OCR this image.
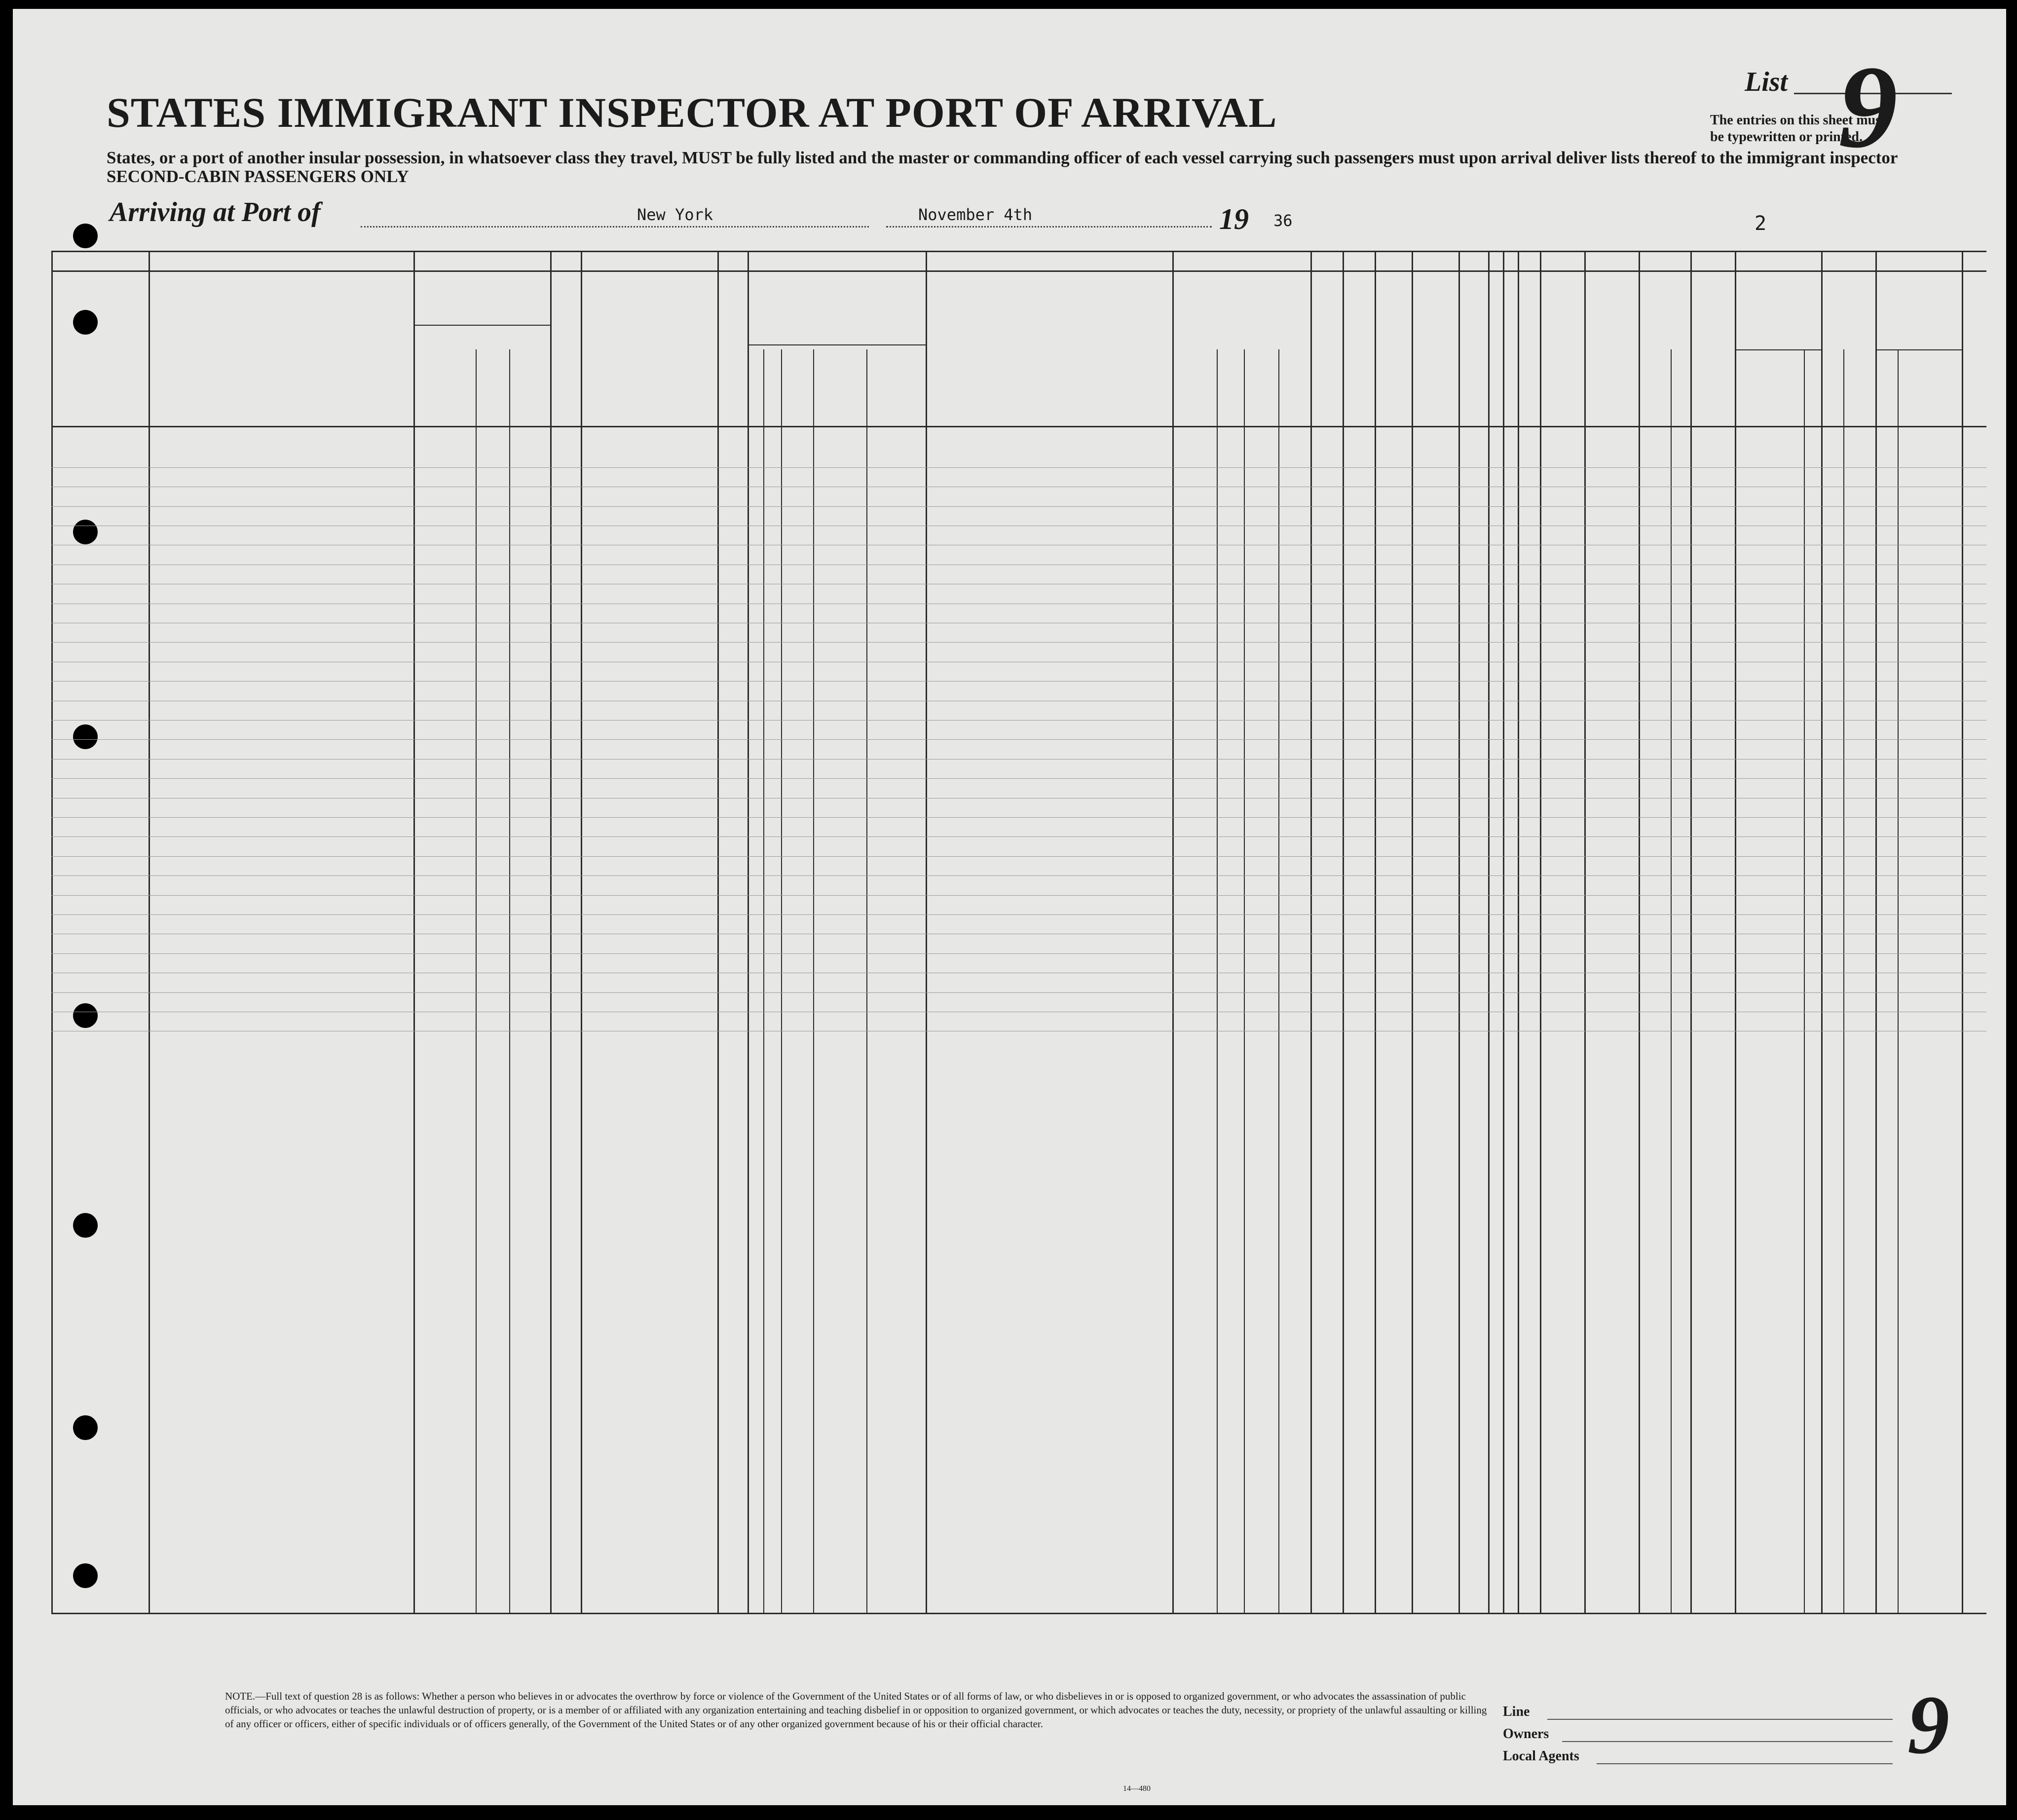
STATES IMMIGRANT INSPECTOR AT PORT OF ARRIVAL
States, or a port of another insular possession, in whatsoever class they travel, MUST be fully listed and the master or commanding officer of each vessel carrying such passengers must upon arrival deliver lists thereof to the immigrant inspector
SECOND-CABIN PASSENGERS ONLY
List 9
The entries on this sheet must
be typewritten or printed.
Arriving at Port of	New York	November 4th	19 36	2
NOTE.—Full text of question 28 is as follows: Whether a person who believes in or advocates the overthrow by force or violence of the Government of the United States or of all forms of law, or who disbelieves in or is opposed to organized government, or who advocates the assassination of public officials, or who advocates or teaches the unlawful destruction of property, or is a member of or affiliated with any organization entertaining and teaching disbelief in or opposition to organized government, or which advocates or teaches the duty, necessity, or propriety of the unlawful assaulting or killing of any officer or officers, either of specific individuals or of officers generally, of the Government of the United States or of any other organized government because of his or their official character.
Line
Owners
Local Agents	9
14—480
